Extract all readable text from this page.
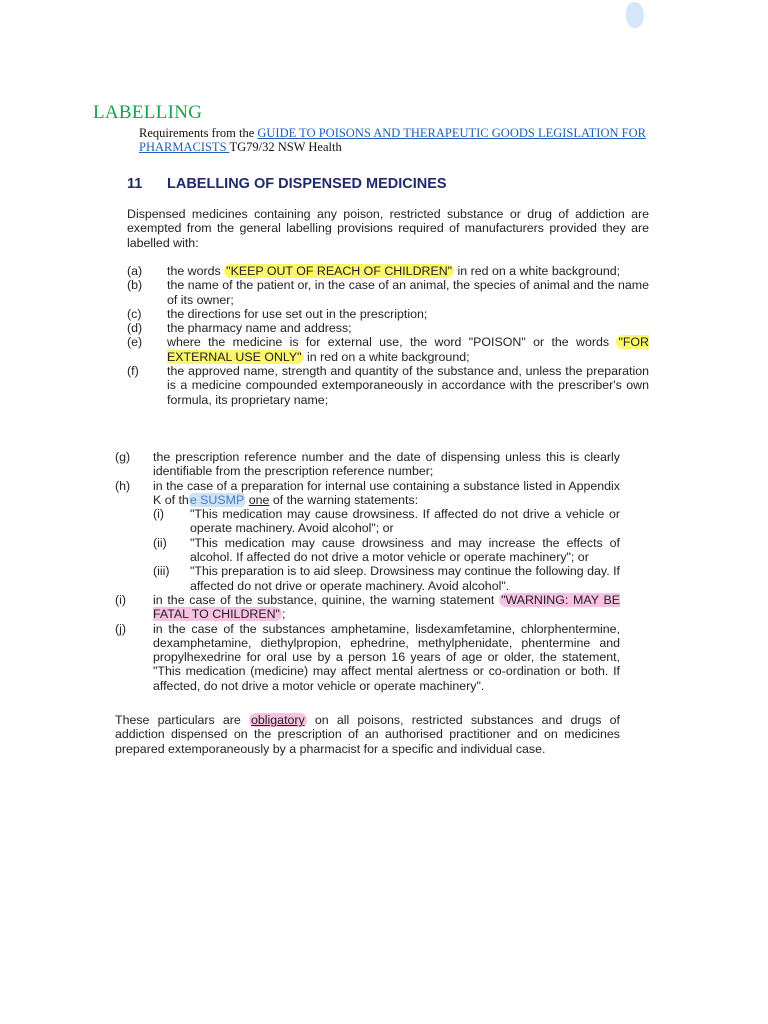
LABELLING
Requirements from the GUIDE TO POISONS AND THERAPEUTIC GOODS LEGISLATION FOR PHARMACISTS TG79/32 NSW Health
11 LABELLING OF DISPENSED MEDICINES
Dispensed medicines containing any poison, restricted substance or drug of addiction are exempted from the general labelling provisions required of manufacturers provided they are labelled with:
(a)	the words "KEEP OUT OF REACH OF CHILDREN" in red on a white background;
(b)	the name of the patient or, in the case of an animal, the species of animal and the name of its owner;
(c)	the directions for use set out in the prescription;
(d)	the pharmacy name and address;
(e)	where the medicine is for external use, the word "POISON" or the words "FOR EXTERNAL USE ONLY" in red on a white background;
(f)	the approved name, strength and quantity of the substance and, unless the preparation is a medicine compounded extemporaneously in accordance with the prescriber's own formula, its proprietary name;
(g)	the prescription reference number and the date of dispensing unless this is clearly identifiable from the prescription reference number;
(h)	in the case of a preparation for internal use containing a substance listed in Appendix K of the SUSMP one of the warning statements:
(i)	"This medication may cause drowsiness. If affected do not drive a vehicle or operate machinery. Avoid alcohol"; or
(ii)	"This medication may cause drowsiness and may increase the effects of alcohol. If affected do not drive a motor vehicle or operate machinery"; or
(iii)	"This preparation is to aid sleep. Drowsiness may continue the following day. If affected do not drive or operate machinery. Avoid alcohol".
(i)	in the case of the substance, quinine, the warning statement "WARNING: MAY BE FATAL TO CHILDREN" ;
(j)	in the case of the substances amphetamine, lisdexamfetamine, chlorphentermine, dexamphetamine, diethylpropion, ephedrine, methylphenidate, phentermine and propylhexedrine for oral use by a person 16 years of age or older, the statement, "This medication (medicine) may affect mental alertness or co-ordination or both. If affected, do not drive a motor vehicle or operate machinery".
These particulars are obligatory on all poisons, restricted substances and drugs of addiction dispensed on the prescription of an authorised practitioner and on medicines prepared extemporaneously by a pharmacist for a specific and individual case.
